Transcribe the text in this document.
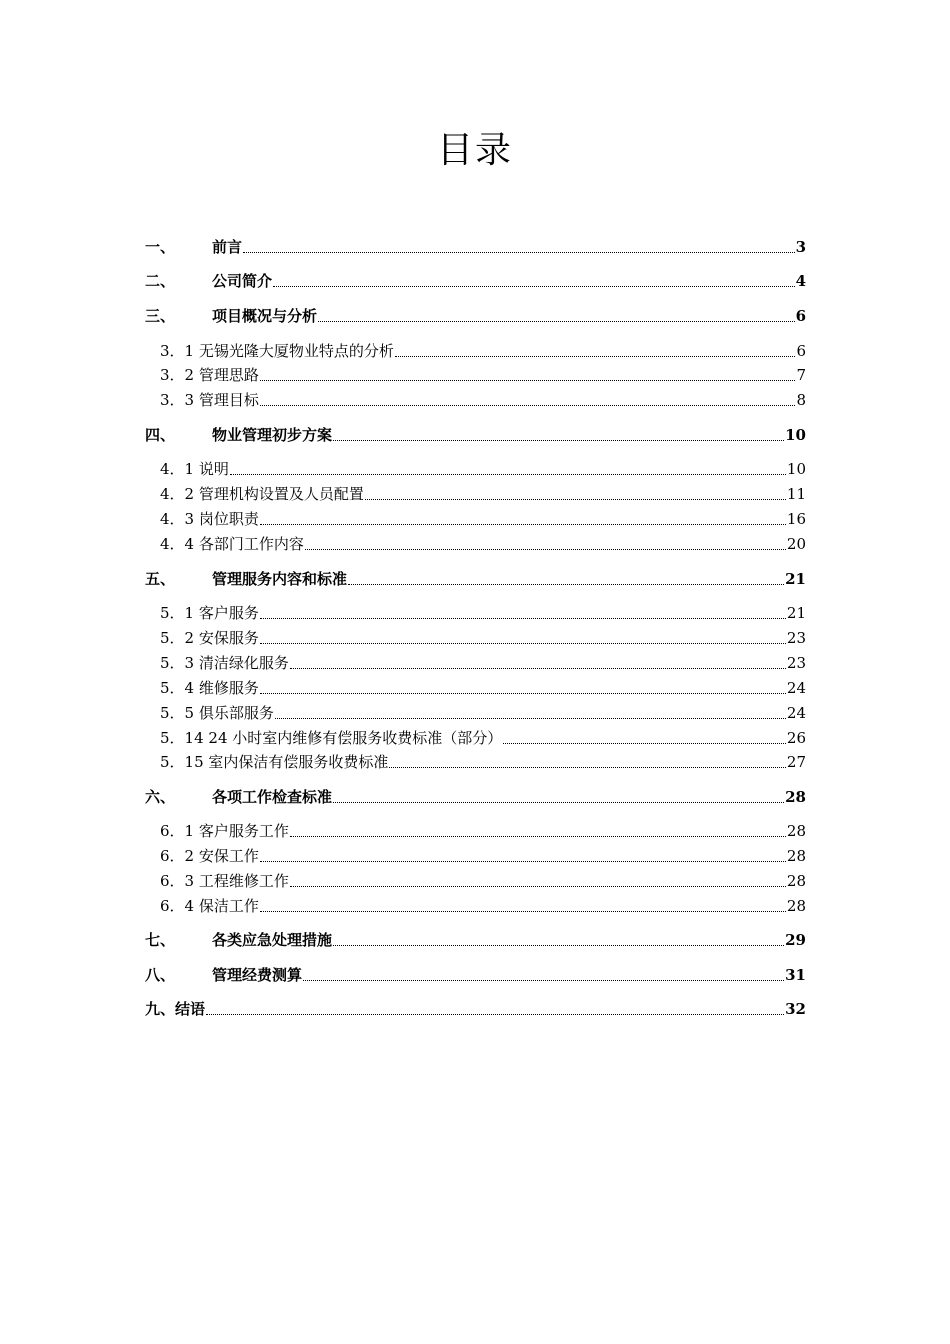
目录
一、	前言	3
二、	公司简介	4
三、	项目概况与分析	6
3．1 无锡光隆大厦物业特点的分析	6
3．2 管理思路	7
3．3 管理目标	8
四、	物业管理初步方案	10
4．1 说明	10
4．2 管理机构设置及人员配置	11
4．3 岗位职责	16
4．4 各部门工作内容	20
五、	管理服务内容和标准	21
5．1 客户服务	21
5．2 安保服务	23
5．3 清洁绿化服务	23
5．4 维修服务	24
5．5 俱乐部服务	24
5．14 24 小时室内维修有偿服务收费标准（部分）	26
5．15 室内保洁有偿服务收费标准	27
六、	各项工作检查标准	28
6．1 客户服务工作	28
6．2 安保工作	28
6．3 工程维修工作	28
6．4 保洁工作	28
七、	各类应急处理措施	29
八、	管理经费测算	31
九、结语	32
